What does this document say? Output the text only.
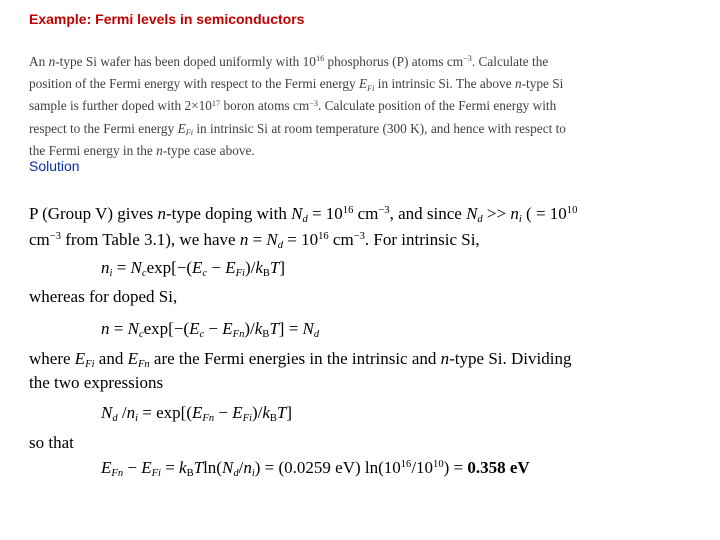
Example: Fermi levels in semiconductors
An n-type Si wafer has been doped uniformly with $10^{16}$ phosphorus (P) atoms $cm^{-3}$. Calculate the
position of the Fermi energy with respect to the Fermi energy $E_{Fi}$ in intrinsic Si. The above n-type Si
sample is further doped with $2\times 10^{17}$ boron atoms $cm^{-3}$. Calculate position of the Fermi energy with
respect to the Fermi energy $E_{Fi}$ in intrinsic Si at room temperature (300 K), and hence with respect to
the Fermi energy in the n-type case above.
Solution
P (Group V) gives n-type doping with $N_d = 10^{16}$ $cm^{-3}$, and since $N_d >> n_i$ ( = $10^{10}$
$cm^{-3}$ from Table 3.1), we have $n = N_d = 10^{16}$ $cm^{-3}$. For intrinsic Si,
$n_i = N_c\exp[-(E_c - E_{Fi})/k_BT]$
whereas for doped Si,
$n = N_c\exp[-(E_c - E_{Fn})/k_BT] = N_d$
where $E_{Fi}$ and $E_{Fn}$ are the Fermi energies in the intrinsic and n-type Si. Dividing
the two expressions
$N_d$ $/n_i = \exp[(E_{Fn} - E_{Fi})/k_BT]$
so that
$E_{Fn} - E_{Fi} = k_BTln(N_d/n_i) = (0.0259$ eV) $\ln(10^{16}/10^{10}) = 0.358$ eV
